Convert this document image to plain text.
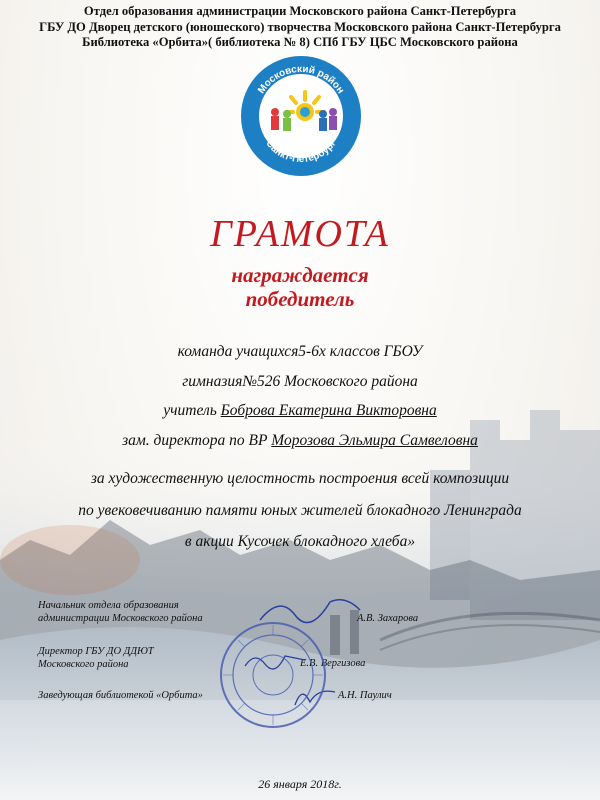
Отдел образования администрации Московского района Санкт-Петербурга
ГБУ ДО Дворец детского (юношеского) творчества Московского района Санкт-Петербурга
Библиотека «Орбита»( библиотека № 8) СПб ГБУ ЦБС Московского района
Московский район
Санкт-Петербург
ГРАМОТА
награждается
победитель
команда учащихся5-6х классов ГБОУ
гимназия№526 Московского района
учитель Боброва Екатерина Викторовна
зам. директора по ВР Морозова Эльмира Самвеловна
за художественную целостность построения всей композиции
по увековечиванию памяти юных жителей блокадного Ленинграда
в акции Кусочек блокадного хлеба»
Начальник отдела образования
администрации Московского района	А.В. Захарова
Директор ГБУ ДО ДДЮТ
Московского района	Е.В. Вергизова
Заведующая библиотекой «Орбита»	А.Н. Паулич
26 января 2018г.
